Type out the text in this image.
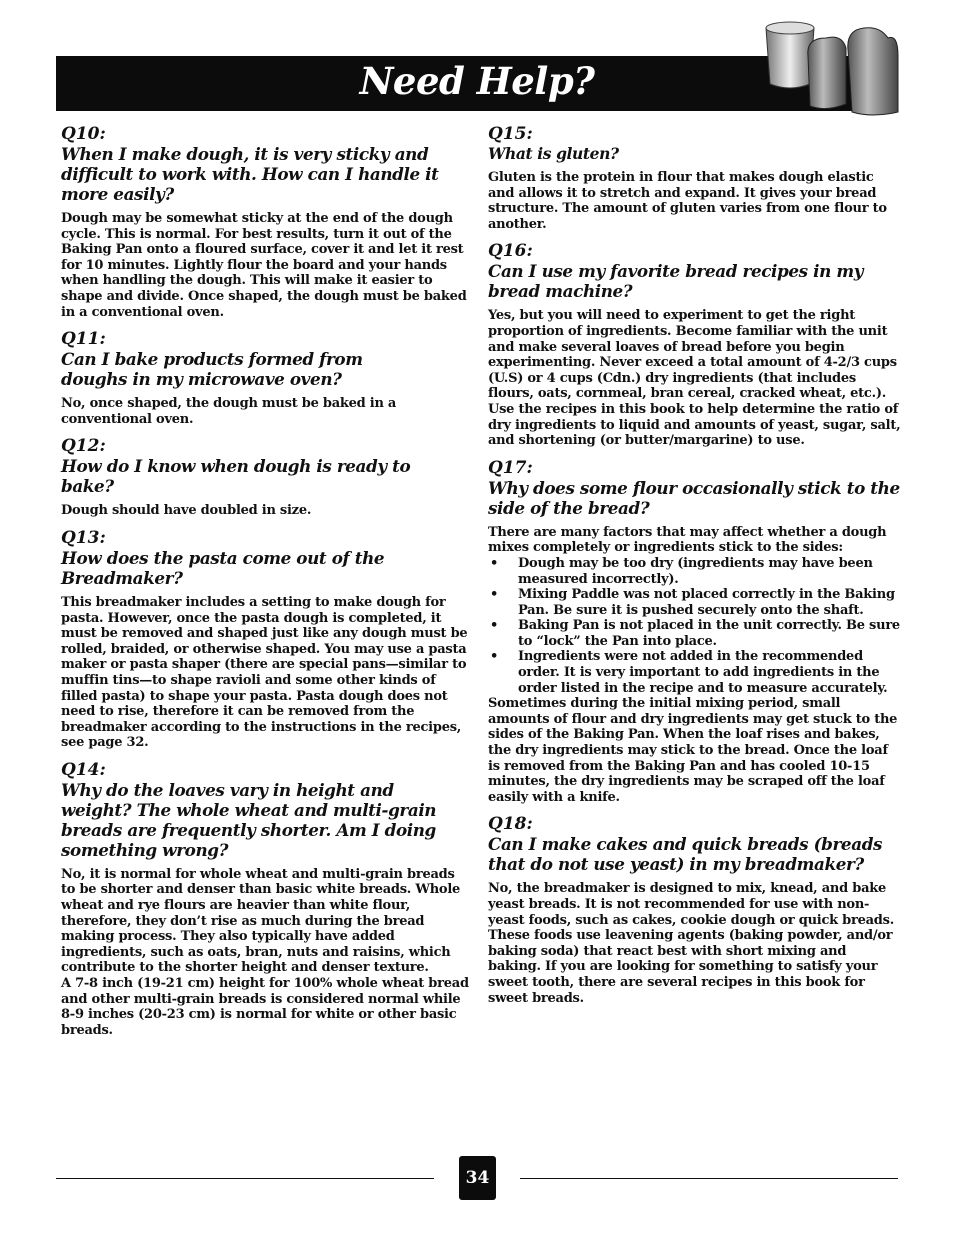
Need Help?

Q10:

When I make dough, it is very sticky and difficult to work with. How can I handle it more easily?

Dough may be somewhat sticky at the end of the dough cycle. This is normal. For best results, turn it out of the Baking Pan onto a floured surface, cover it and let it rest for 10 minutes. Lightly flour the board and your hands when handling the dough. This will make it easier to shape and divide. Once shaped, the dough must be baked in a conventional oven.

Q11:

Can I bake products formed from doughs in my microwave oven?

No, once shaped, the dough must be baked in a conventional oven.

Q12:

How do I know when dough is ready to bake?

Dough should have doubled in size.

Q13:

How does the pasta come out of the Breadmaker?

This breadmaker includes a setting to make dough for pasta. However, once the pasta dough is completed, it must be removed and shaped just like any dough must be rolled, braided, or otherwise shaped. You may use a pasta maker or pasta shaper (there are special pans—similar to muffin tins—to shape ravioli and some other kinds of filled pasta) to shape your pasta. Pasta dough does not need to rise, therefore it can be removed from the breadmaker according to the instructions in the recipes, see page 32.

Q14:

Why do the loaves vary in height and weight? The whole wheat and multi-grain breads are frequently shorter. Am I doing something wrong?

No, it is normal for whole wheat and multi-grain breads to be shorter and denser than basic white breads. Whole wheat and rye flours are heavier than white flour, therefore, they don’t rise as much during the bread making process. They also typically have added ingredients, such as oats, bran, nuts and raisins, which contribute to the shorter height and denser texture.

A 7-8 inch (19-21 cm) height for 100% whole wheat bread and other multi-grain breads is considered normal while 8-9 inches (20-23 cm) is normal for white or other basic breads.

Q15:

What is gluten?

Gluten is the protein in flour that makes dough elastic and allows it to stretch and expand. It gives your bread structure. The amount of gluten varies from one flour to another.

Q16:

Can I use my favorite bread recipes in my bread machine?

Yes, but you will need to experiment to get the right proportion of ingredients. Become familiar with the unit and make several loaves of bread before you begin experimenting. Never exceed a total amount of 4-2/3 cups (U.S) or 4 cups (Cdn.) dry ingredients (that includes flours, oats, cornmeal, bran cereal, cracked wheat, etc.). Use the recipes in this book to help determine the ratio of dry ingredients to liquid and amounts of yeast, sugar, salt, and shortening (or butter/margarine) to use.

Q17:

Why does some flour occasionally stick to the side of the bread?

There are many factors that may affect whether a dough mixes completely or ingredients stick to the sides:

• Dough may be too dry (ingredients may have been measured incorrectly).
• Mixing Paddle was not placed correctly in the Baking Pan. Be sure it is pushed securely onto the shaft.
• Baking Pan is not placed in the unit correctly. Be sure to “lock” the Pan into place.
• Ingredients were not added in the recommended order. It is very important to add ingredients in the order listed in the recipe and to measure accurately.

Sometimes during the initial mixing period, small amounts of flour and dry ingredients may get stuck to the sides of the Baking Pan. When the loaf rises and bakes, the dry ingredients may stick to the bread. Once the loaf is removed from the Baking Pan and has cooled 10-15 minutes, the dry ingredients may be scraped off the loaf easily with a knife.

Q18:

Can I make cakes and quick breads (breads that do not use yeast) in my breadmaker?

No, the breadmaker is designed to mix, knead, and bake yeast breads. It is not recommended for use with non-yeast foods, such as cakes, cookie dough or quick breads. These foods use leavening agents (baking powder, and/or baking soda) that react best with short mixing and baking. If you are looking for something to satisfy your sweet tooth, there are several recipes in this book for sweet breads.

34
